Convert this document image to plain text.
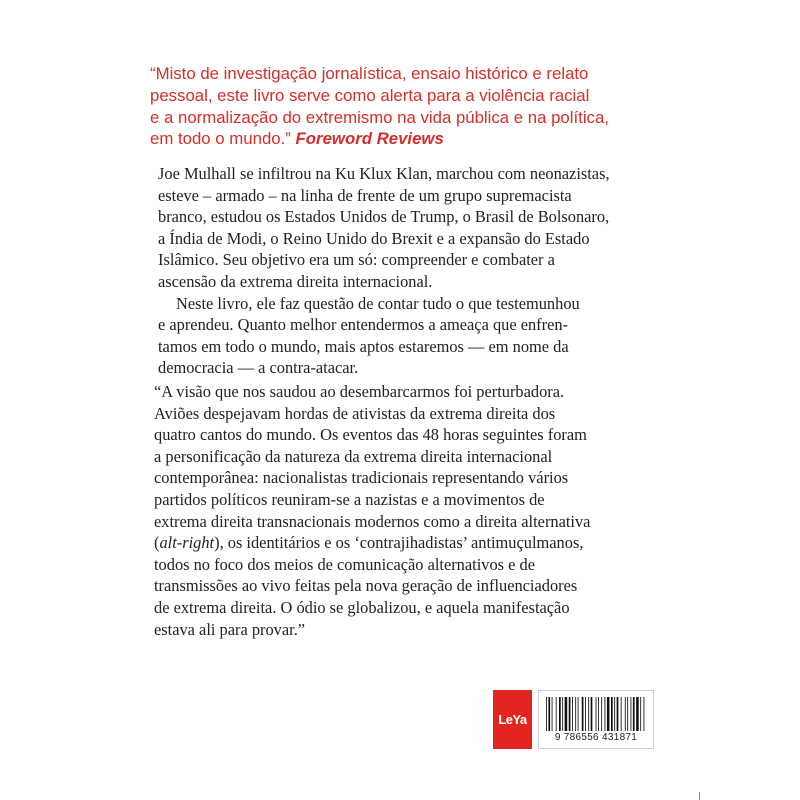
“Misto de investigação jornalística, ensaio histórico e relato
pessoal, este livro serve como alerta para a violência racial
e a normalização do extremismo na vida pública e na política,
em todo o mundo.” Foreword Reviews

Joe Mulhall se infiltrou na Ku Klux Klan, marchou com neonazistas,
esteve – armado – na linha de frente de um grupo supremacista
branco, estudou os Estados Unidos de Trump, o Brasil de Bolsonaro,
a Índia de Modi, o Reino Unido do Brexit e a expansão do Estado
Islâmico. Seu objetivo era um só: compreender e combater a
ascensão da extrema direita internacional.

Neste livro, ele faz questão de contar tudo o que testemunhou
e aprendeu. Quanto melhor entendermos a ameaça que enfren-
tamos em todo o mundo, mais aptos estaremos — em nome da
democracia — a contra-atacar.

“A visão que nos saudou ao desembarcarmos foi perturbadora.
Aviões despejavam hordas de ativistas da extrema direita dos
quatro cantos do mundo. Os eventos das 48 horas seguintes foram
a personificação da natureza da extrema direita internacional
contemporânea: nacionalistas tradicionais representando vários
partidos políticos reuniram-se a nazistas e a movimentos de
extrema direita transnacionais modernos como a direita alternativa
(alt-right), os identitários e os ‘contrajihadistas’ antimuçulmanos,
todos no foco dos meios de comunicação alternativos e de
transmissões ao vivo feitas pela nova geração de influenciadores
de extrema direita. O ódio se globalizou, e aquela manifestação
estava ali para provar.”
LeYa
9 786556 431871
